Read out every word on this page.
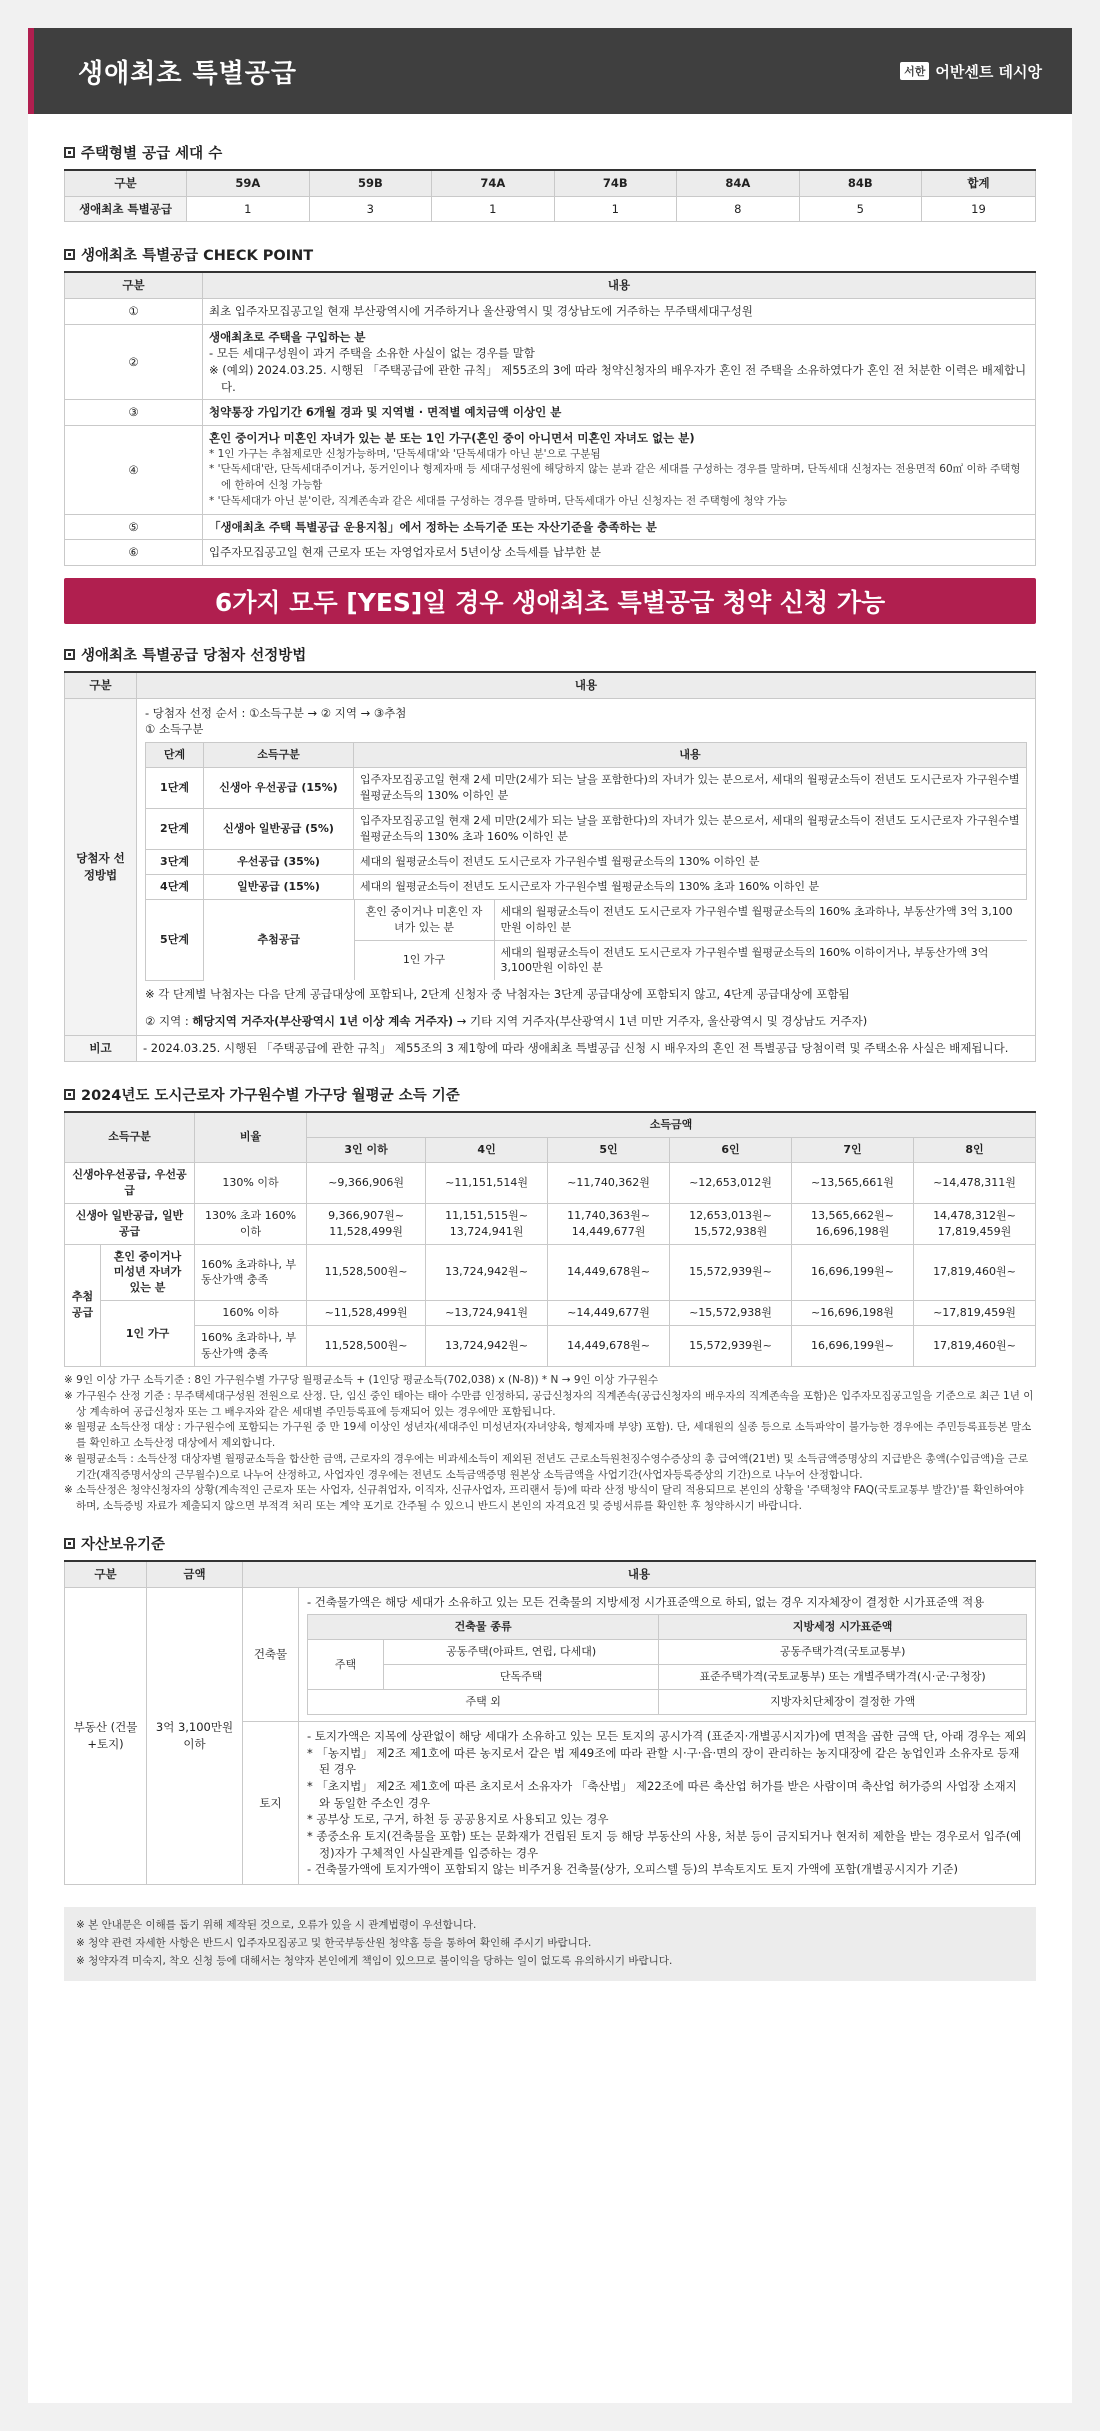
생애최초 특별공급	서한 어반센트 데시앙
주택형별 공급 세대 수
구분	59A	59B	74A	74B	84A	84B	합계
생애최초 특별공급	1	3	1	1	8	5	19
생애최초 특별공급 CHECK POINT
구분	내용
①	최초 입주자모집공고일 현재 부산광역시에 거주하거나 울산광역시 및 경상남도에 거주하는 무주택세대구성원
②	생애최초로 주택을 구입하는 분
- 모든 세대구성원이 과거 주택을 소유한 사실이 없는 경우를 말함
※ (예외) 2024.03.25. 시행된 「주택공급에 관한 규칙」 제55조의 3에 따라 청약신청자의 배우자가 혼인 전 주택을 소유하였다가 혼인 전 처분한 이력은 배제합니다.

③	청약통장 가입기간 6개월 경과 및 지역별 · 면적별 예치금액 이상인 분
④	혼인 중이거나 미혼인 자녀가 있는 분 또는 1인 가구(혼인 중이 아니면서 미혼인 자녀도 없는 분)
* 1인 가구는 추첨제로만 신청가능하며, '단독세대'와 '단독세대가 아닌 분'으로 구분됨
* '단독세대'란, 단독세대주이거나, 동거인이나 형제자매 등 세대구성원에 해당하지 않는 분과 같은 세대를 구성하는 경우를 말하며, 단독세대 신청자는 전용면적 60㎡ 이하 주택형에 한하여 신청 가능함
* '단독세대가 아닌 분'이란, 직계존속과 같은 세대를 구성하는 경우를 말하며, 단독세대가 아닌 신청자는 전 주택형에 청약 가능

⑤	「생애최초 주택 특별공급 운용지침」에서 정하는 소득기준 또는 자산기준을 충족하는 분
⑥	입주자모집공고일 현재 근로자 또는 자영업자로서 5년이상 소득세를 납부한 분
6가지 모두 [YES]일 경우 생애최초 특별공급 청약 신청 가능
생애최초 특별공급 당첨자 선정방법
구분	내용
당첨자 선정방법	
- 당첨자 선정 순서 : ①소득구분 → ② 지역 → ③추첨
① 소득구분
단계	소득구분	내용
1단계	신생아 우선공급 (15%)	입주자모집공고일 현재 2세 미만(2세가 되는 날을 포함한다)의 자녀가 있는 분으로서, 세대의 월평균소득이 전년도 도시근로자 가구원수별 월평균소득의 130% 이하인 분
2단계	신생아 일반공급 (5%)	입주자모집공고일 현재 2세 미만(2세가 되는 날을 포함한다)의 자녀가 있는 분으로서, 세대의 월평균소득이 전년도 도시근로자 가구원수별 월평균소득의 130% 초과 160% 이하인 분
3단계	우선공급 (35%)	세대의 월평균소득이 전년도 도시근로자 가구원수별 월평균소득의 130% 이하인 분
4단계	일반공급 (15%)	세대의 월평균소득이 전년도 도시근로자 가구원수별 월평균소득의 130% 초과 160% 이하인 분
5단계		추첨공급	혼인 중이거나 미혼인 자녀가 있는 분	세대의 월평균소득이 전년도 도시근로자 가구원수별 월평균소득의 160% 초과하나, 부동산가액 3억 3,100만원 이하인 분
1인 가구	세대의 월평균소득이 전년도 도시근로자 가구원수별 월평균소득의 160% 이하이거나, 부동산가액 3억 3,100만원 이하인 분

※ 각 단계별 낙첨자는 다음 단계 공급대상에 포함되나, 2단계 신청자 중 낙첨자는 3단계 공급대상에 포함되지 않고, 4단계 공급대상에 포함됨
② 지역 : 해당지역 거주자(부산광역시 1년 이상 계속 거주자) → 기타 지역 거주자(부산광역시 1년 미만 거주자, 울산광역시 및 경상남도 거주자)

비고	- 2024.03.25. 시행된 「주택공급에 관한 규칙」 제55조의 3 제1항에 따라 생애최초 특별공급 신청 시 배우자의 혼인 전 특별공급 당첨이력 및 주택소유 사실은 배제됩니다.
2024년도 도시근로자 가구원수별 가구당 월평균 소득 기준
소득구분		비율	소득금액					
			3인 이하	4인	5인	6인	7인	8인
신생아우선공급, 우선공급		130% 이하	~9,366,906원	~11,151,514원	~11,740,362원	~12,653,012원	~13,565,661원	~14,478,311원
신생아 일반공급, 일반공급		130% 초과 160% 이하	9,366,907원~ 11,528,499원	11,151,515원~ 13,724,941원	11,740,363원~ 14,449,677원	12,653,013원~ 15,572,938원	13,565,662원~ 16,696,198원	14,478,312원~ 17,819,459원
추첨 공급	혼인 중이거나 미성년 자녀가 있는 분	160% 초과하나, 부동산가액 충족	11,528,500원~	13,724,942원~	14,449,678원~	15,572,939원~	16,696,199원~	17,819,460원~
	1인 가구	160% 이하	~11,528,499원	~13,724,941원	~14,449,677원	~15,572,938원	~16,696,198원	~17,819,459원
		160% 초과하나, 부동산가액 충족	11,528,500원~	13,724,942원~	14,449,678원~	15,572,939원~	16,696,199원~	17,819,460원~
※ 9인 이상 가구 소득기준 : 8인 가구원수별 가구당 월평균소득 + (1인당 평균소득(702,038) x (N-8)) * N → 9인 이상 가구원수
※ 가구원수 산정 기준 : 무주택세대구성원 전원으로 산정. 단, 임신 중인 태아는 태아 수만큼 인정하되, 공급신청자의 직계존속(공급신청자의 배우자의 직계존속을 포함)은 입주자모집공고일을 기준으로 최근 1년 이상 계속하여 공급신청자 또는 그 배우자와 같은 세대별 주민등록표에 등재되어 있는 경우에만 포함됩니다.
※ 월평균 소득산정 대상 : 가구원수에 포함되는 가구원 중 만 19세 이상인 성년자(세대주인 미성년자(자녀양육, 형제자매 부양) 포함). 단, 세대원의 실종 등으로 소득파악이 불가능한 경우에는 주민등록표등본 말소를 확인하고 소득산정 대상에서 제외합니다.
※ 월평균소득 : 소득산정 대상자별 월평균소득을 합산한 금액, 근로자의 경우에는 비과세소득이 제외된 전년도 근로소득원천징수영수증상의 총 급여액(21번) 및 소득금액증명상의 지급받은 총액(수입금액)을 근로기간(재직증명서상의 근무월수)으로 나누어 산정하고, 사업자인 경우에는 전년도 소득금액증명 원본상 소득금액을 사업기간(사업자등록증상의 기간)으로 나누어 산정합니다.
※ 소득산정은 청약신청자의 상황(계속적인 근로자 또는 사업자, 신규취업자, 이직자, 신규사업자, 프리랜서 등)에 따라 산정 방식이 달리 적용되므로 본인의 상황을 '주택청약 FAQ(국토교통부 발간)'를 확인하여야 하며, 소득증빙 자료가 제출되지 않으면 부적격 처리 또는 계약 포기로 간주될 수 있으니 반드시 본인의 자격요건 및 증빙서류를 확인한 후 청약하시기 바랍니다.
자산보유기준
구분	금액	내용
부동산 (건물+토지)	3억 3,100만원 이하	건축물	
- 건축물가액은 해당 세대가 소유하고 있는 모든 건축물의 지방세정 시가표준액으로 하되, 없는 경우 지자체장이 결정한 시가표준액 적용
건축물 종류	지방세정 시가표준액
주택	공동주택(아파트, 연립, 다세대)	공동주택가격(국토교통부)
단독주택	표준주택가격(국토교통부) 또는 개별주택가격(시·군·구청장)
주택 외	지방자치단체장이 결정한 가액

토지	
- 토지가액은 지목에 상관없이 해당 세대가 소유하고 있는 모든 토지의 공시가격 (표준지·개별공시지가)에 면적을 곱한 금액 단, 아래 경우는 제외
* 「농지법」 제2조 제1호에 따른 농지로서 같은 법 제49조에 따라 관할 시·구·읍·면의 장이 관리하는 농지대장에 같은 농업인과 소유자로 등재된 경우
* 「초지법」 제2조 제1호에 따른 초지로서 소유자가 「축산법」 제22조에 따른 축산업 허가를 받은 사람이며 축산업 허가증의 사업장 소재지와 동일한 주소인 경우
* 공부상 도로, 구거, 하천 등 공공용지로 사용되고 있는 경우
* 종중소유 토지(건축물을 포함) 또는 문화재가 건립된 토지 등 해당 부동산의 사용, 처분 등이 금지되거나 현저히 제한을 받는 경우로서 입주(예정)자가 구체적인 사실관계를 입증하는 경우
- 건축물가액에 토지가액이 포함되지 않는 비주거용 건축물(상가, 오피스텔 등)의 부속토지도 토지 가액에 포함(개별공시지가 기준)
※ 본 안내문은 이해를 돕기 위해 제작된 것으로, 오류가 있을 시 관계법령이 우선합니다.
※ 청약 관련 자세한 사항은 반드시 입주자모집공고 및 한국부동산원 청약홈 등을 통하여 확인해 주시기 바랍니다.
※ 청약자격 미숙지, 착오 신청 등에 대해서는 청약자 본인에게 책임이 있으므로 불이익을 당하는 일이 없도록 유의하시기 바랍니다.
